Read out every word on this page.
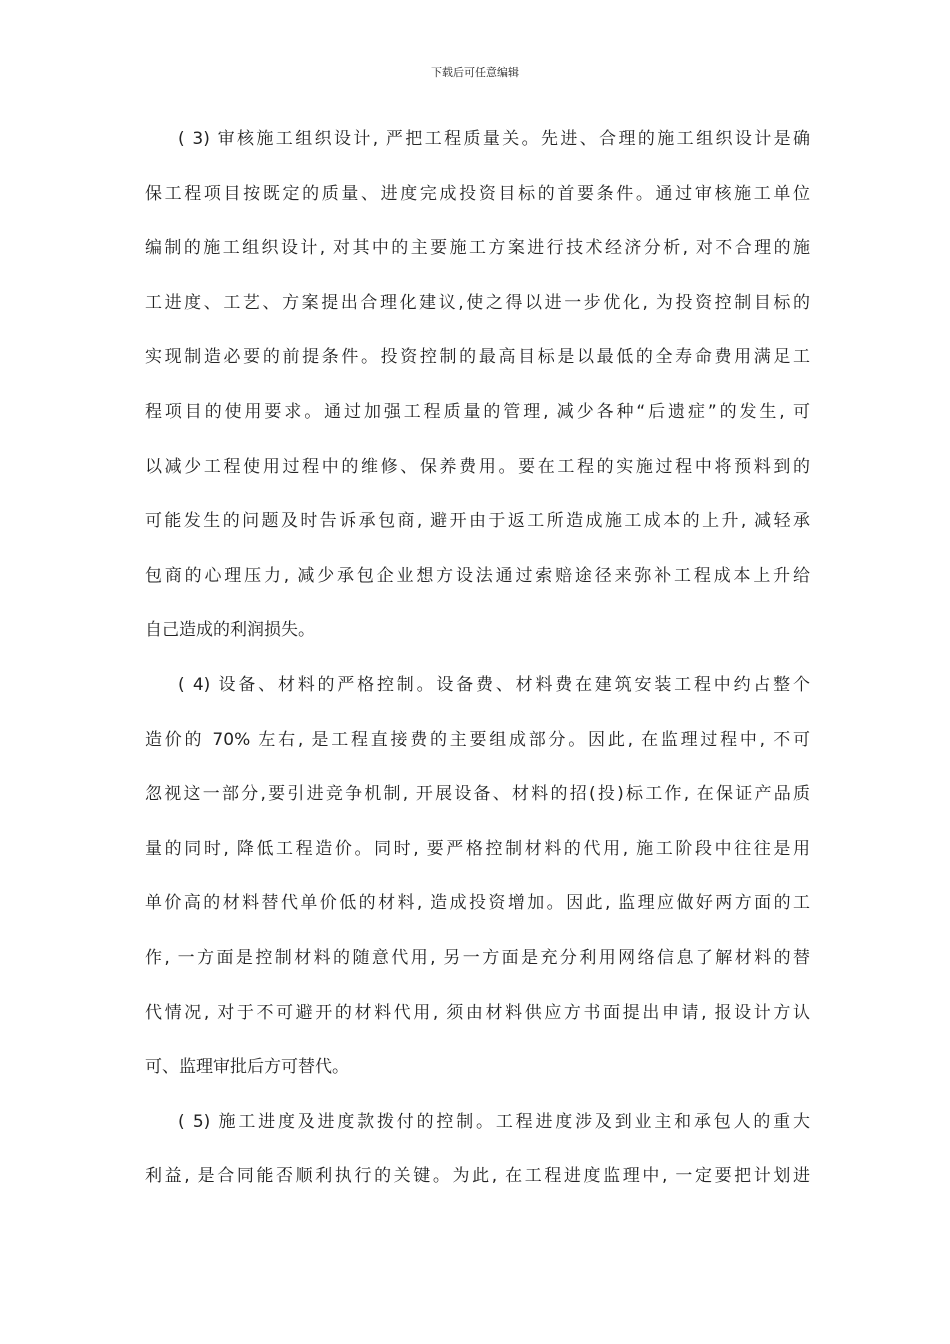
下载后可任意编辑
( 3) 审核施工组织设计, 严把工程质量关。先进、合理的施工组织设计是确
保工程项目按既定的质量、进度完成投资目标的首要条件。通过审核施工单位
编制的施工组织设计, 对其中的主要施工方案进行技术经济分析, 对不合理的施
工进度、工艺、方案提出合理化建议,使之得以进一步优化, 为投资控制目标的
实现制造必要的前提条件。投资控制的最高目标是以最低的全寿命费用满足工
程项目的使用要求。通过加强工程质量的管理, 减少各种“后遗症”的发生, 可
以减少工程使用过程中的维修、保养费用。要在工程的实施过程中将预料到的
可能发生的问题及时告诉承包商, 避开由于返工所造成施工成本的上升, 减轻承
包商的心理压力, 减少承包企业想方设法通过索赔途径来弥补工程成本上升给
自己造成的利润损失。
( 4) 设备、材料的严格控制。设备费、材料费在建筑安装工程中约占整个
造价的 70% 左右, 是工程直接费的主要组成部分。因此, 在监理过程中, 不可
忽视这一部分,要引进竞争机制, 开展设备、材料的招(投)标工作, 在保证产品质
量的同时, 降低工程造价。同时, 要严格控制材料的代用, 施工阶段中往往是用
单价高的材料替代单价低的材料, 造成投资增加。因此, 监理应做好两方面的工
作, 一方面是控制材料的随意代用, 另一方面是充分利用网络信息了解材料的替
代情况, 对于不可避开的材料代用, 须由材料供应方书面提出申请, 报设计方认
可、监理审批后方可替代。
( 5) 施工进度及进度款拨付的控制。工程进度涉及到业主和承包人的重大
利益, 是合同能否顺利执行的关键。为此, 在工程进度监理中, 一定要把计划进
